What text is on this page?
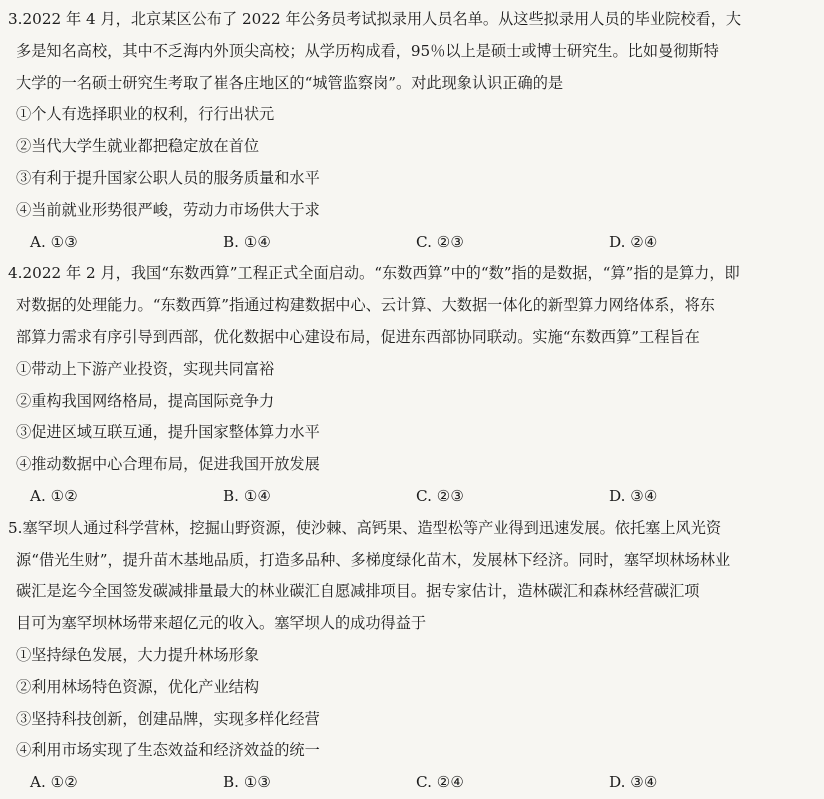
3.2022 年 4 月，北京某区公布了 2022 年公务员考试拟录用人员名单。从这些拟录用人员的毕业院校看，大
多是知名高校，其中不乏海内外顶尖高校；从学历构成看，95％以上是硕士或博士研究生。比如曼彻斯特
大学的一名硕士研究生考取了崔各庄地区的“城管监察岗”。对此现象认识正确的是
①个人有选择职业的权利，行行出状元
②当代大学生就业都把稳定放在首位
③有利于提升国家公职人员的服务质量和水平
④当前就业形势很严峻，劳动力市场供大于求
A. ①③	B. ①④	C. ②③	D. ②④
4.2022 年 2 月，我国“东数西算”工程正式全面启动。“东数西算”中的“数”指的是数据，“算”指的是算力，即
对数据的处理能力。“东数西算”指通过构建数据中心、云计算、大数据一体化的新型算力网络体系，将东
部算力需求有序引导到西部，优化数据中心建设布局，促进东西部协同联动。实施“东数西算”工程旨在
①带动上下游产业投资，实现共同富裕
②重构我国网络格局，提高国际竞争力
③促进区域互联互通，提升国家整体算力水平
④推动数据中心合理布局，促进我国开放发展
A. ①②	B. ①④	C. ②③	D. ③④
5.塞罕坝人通过科学营林，挖掘山野资源，使沙棘、高钙果、造型松等产业得到迅速发展。依托塞上风光资
源“借光生财”，提升苗木基地品质，打造多品种、多梯度绿化苗木，发展林下经济。同时，塞罕坝林场林业
碳汇是迄今全国签发碳减排量最大的林业碳汇自愿减排项目。据专家估计，造林碳汇和森林经营碳汇项
目可为塞罕坝林场带来超亿元的收入。塞罕坝人的成功得益于
①坚持绿色发展，大力提升林场形象
②利用林场特色资源，优化产业结构
③坚持科技创新，创建品牌，实现多样化经营
④利用市场实现了生态效益和经济效益的统一
A. ①②	B. ①③	C. ②④	D. ③④
